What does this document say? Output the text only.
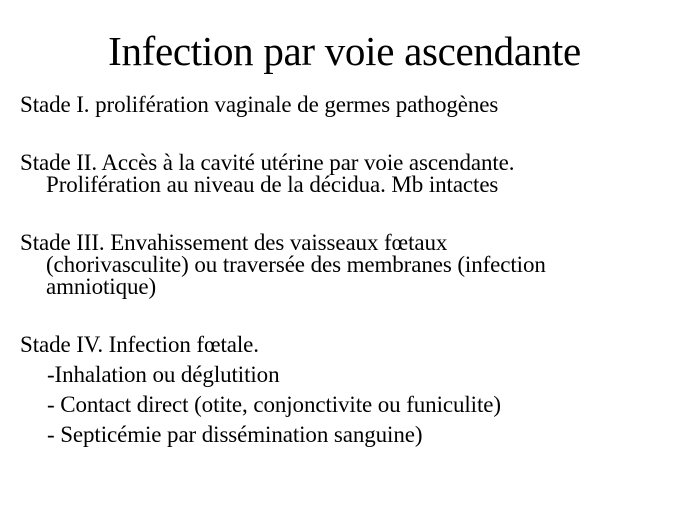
Infection par voie ascendante
Stade I. prolifération vaginale de germes pathogènes
Stade II. Accès à la cavité utérine par voie ascendante.
Prolifération au niveau de la décidua. Mb intactes
Stade III. Envahissement des vaisseaux fœtaux
(chorivasculite) ou traversée des membranes (infection
amniotique)
Stade IV. Infection fœtale.
-Inhalation ou déglutition
- Contact direct (otite, conjonctivite ou funiculite)
- Septicémie par dissémination sanguine)
